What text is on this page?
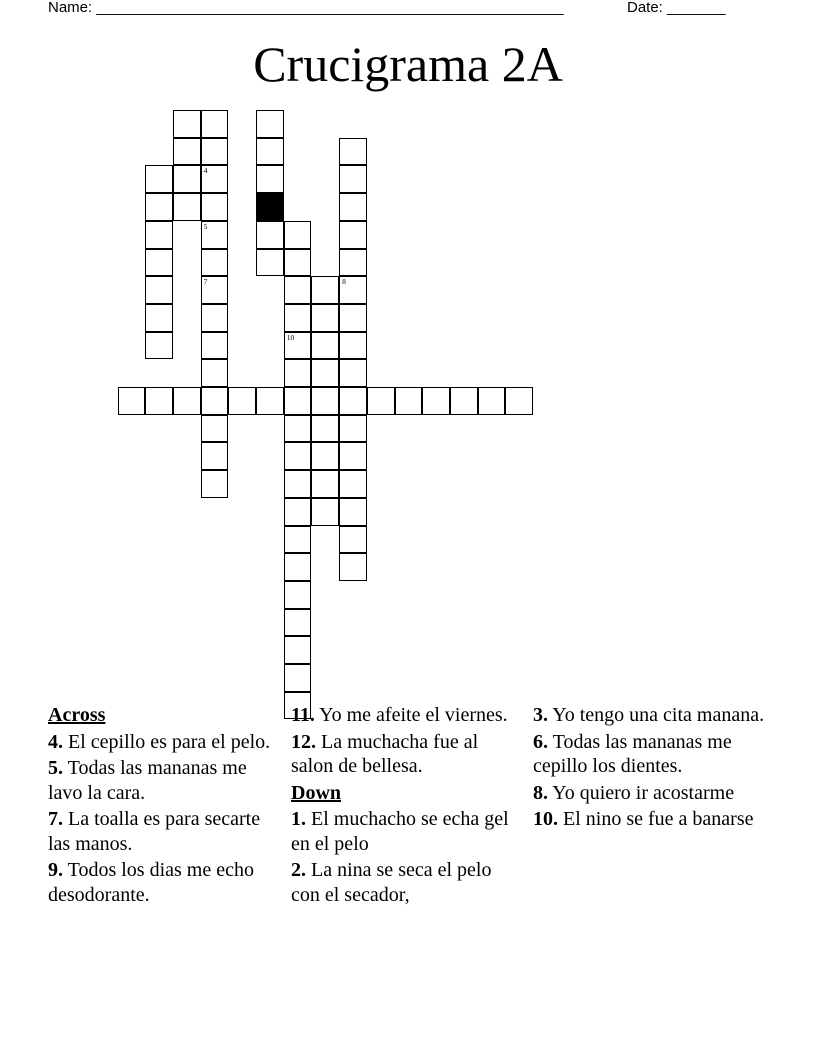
Name: ________________________________________________________	Date: _______
Crucigrama 2A
10
8
4
5
7
Across
4. El cepillo es para el pelo.
5. Todas las mananas me lavo la cara.
7. La toalla es para secarte las manos.
9. Todos los dias me echo desodorante.
11. Yo me afeite el viernes.
12. La muchacha fue al salon de bellesa.
Down
1. El muchacho se echa gel en el pelo
2. La nina se seca el pelo con el secador,
3. Yo tengo una cita manana.
6. Todas las mananas me cepillo los dientes.
8. Yo quiero ir acostarme
10. El nino se fue a banarse
